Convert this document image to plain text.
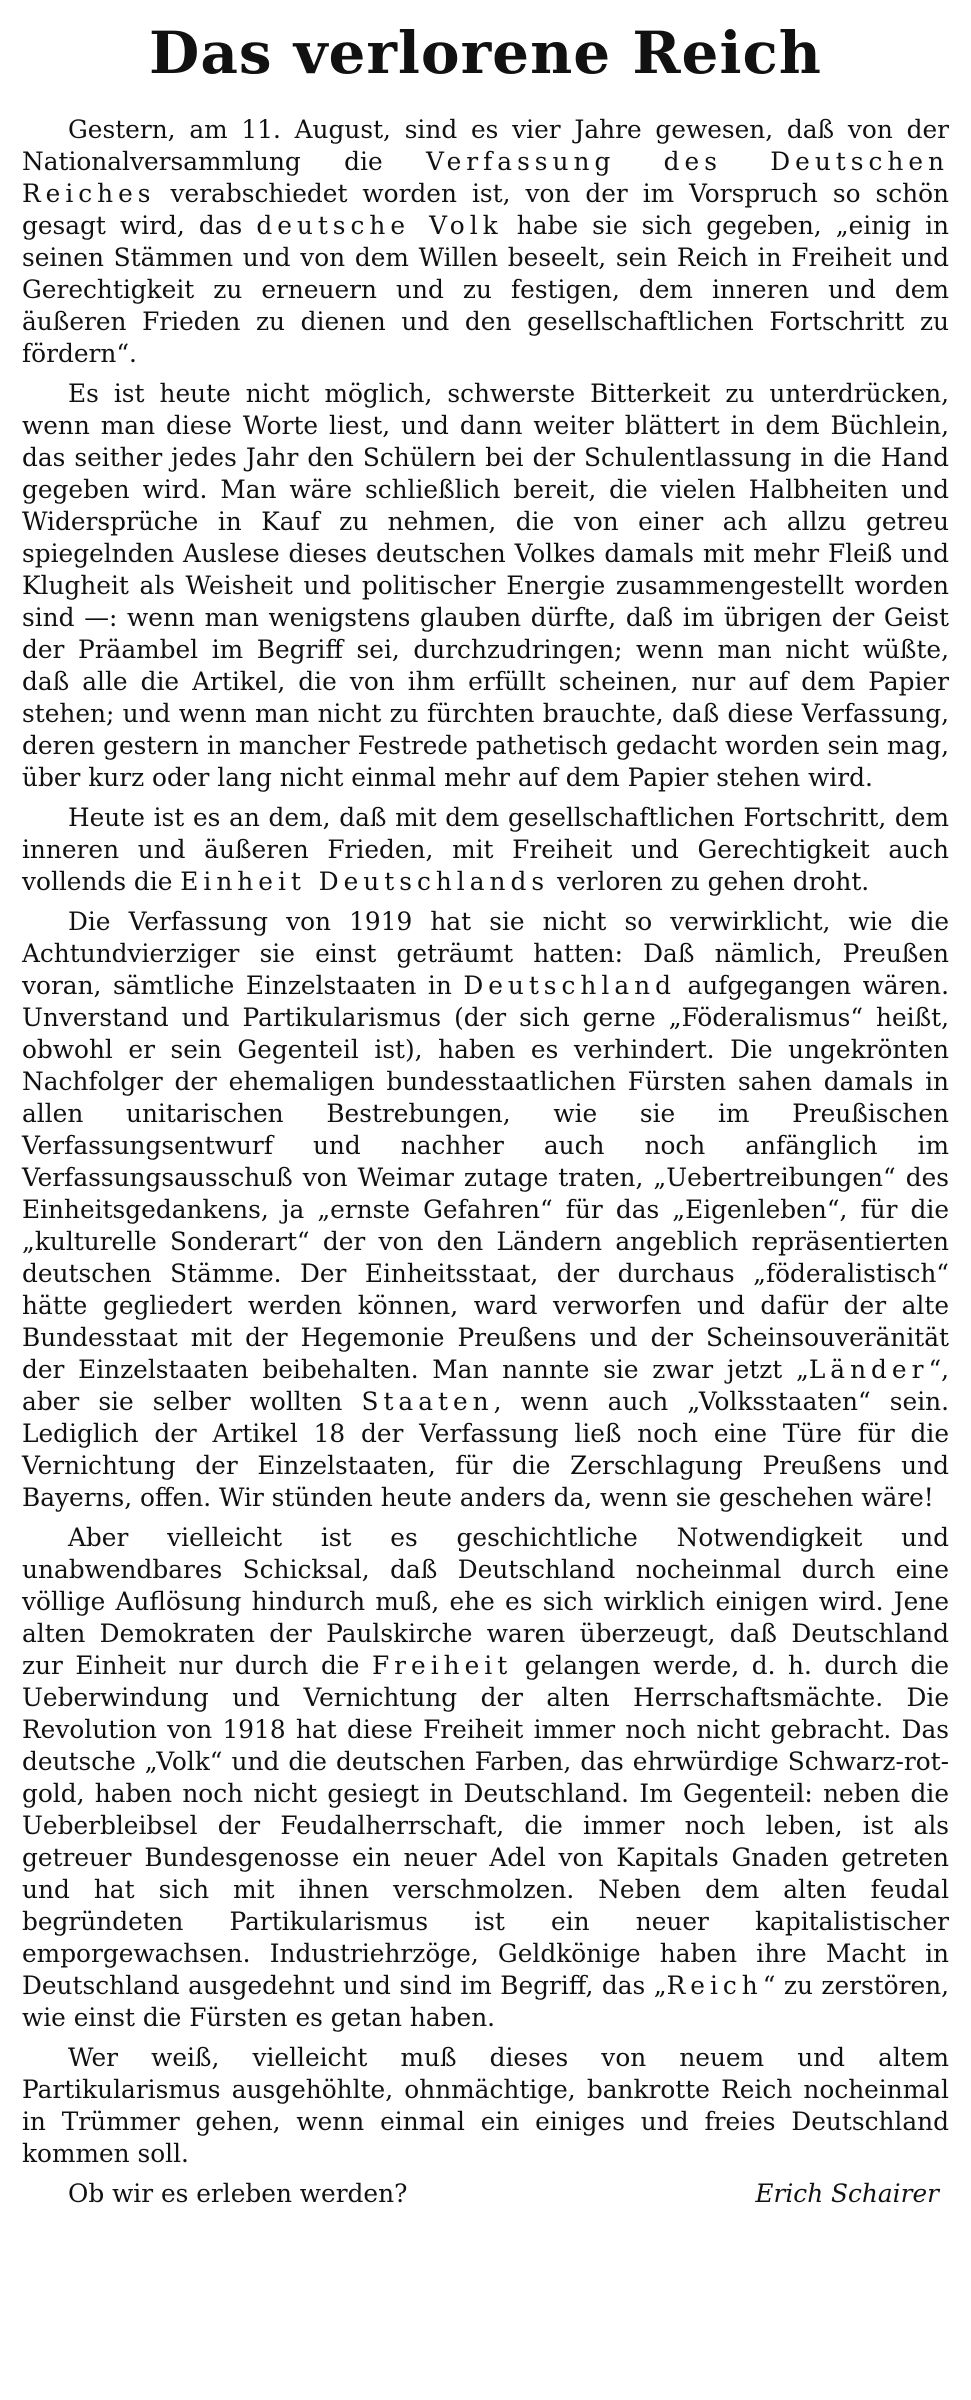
Das verlorene Reich

Gestern, am 11. August, sind es vier Jahre gewesen, daß von der Nationalversammlung die Verfassung des Deutschen Reiches verabschiedet worden ist, von der im Vorspruch so schön gesagt wird, das deutsche Volk habe sie sich gegeben, „einig in seinen Stämmen und von dem Willen beseelt, sein Reich in Freiheit und Gerechtigkeit zu erneuern und zu festigen, dem inneren und dem äußeren Frieden zu dienen und den gesellschaftlichen Fortschritt zu fördern“.

Es ist heute nicht möglich, schwerste Bitterkeit zu unterdrücken, wenn man diese Worte liest, und dann weiter blättert in dem Büchlein, das seither jedes Jahr den Schülern bei der Schulentlassung in die Hand gegeben wird. Man wäre schließlich bereit, die vielen Halbheiten und Widersprüche in Kauf zu nehmen, die von einer ach allzu getreu spiegelnden Auslese dieses deutschen Volkes damals mit mehr Fleiß und Klugheit als Weisheit und politischer Energie zusammengestellt worden sind —: wenn man wenigstens glauben dürfte, daß im übrigen der Geist der Präambel im Begriff sei, durchzudringen; wenn man nicht wüßte, daß alle die Artikel, die von ihm erfüllt scheinen, nur auf dem Papier stehen; und wenn man nicht zu fürchten brauchte, daß diese Verfassung, deren gestern in mancher Festrede pathetisch gedacht worden sein mag, über kurz oder lang nicht einmal mehr auf dem Papier stehen wird.

Heute ist es an dem, daß mit dem gesellschaftlichen Fortschritt, dem inneren und äußeren Frieden, mit Freiheit und Gerechtigkeit auch vollends die Einheit Deutschlands verloren zu gehen droht.

Die Verfassung von 1919 hat sie nicht so verwirklicht, wie die Achtundvierziger sie einst geträumt hatten: Daß nämlich, Preußen voran, sämtliche Einzelstaaten in Deutschland aufgegangen wären. Unverstand und Partikularismus (der sich gerne „Föderalismus“ heißt, obwohl er sein Gegenteil ist), haben es verhindert. Die ungekrönten Nachfolger der ehemaligen bundesstaatlichen Fürsten sahen damals in allen unitarischen Bestrebungen, wie sie im Preußischen Verfassungsentwurf und nachher auch noch anfänglich im Verfassungsausschuß von Weimar zutage traten, „Uebertreibungen“ des Einheitsgedankens, ja „ernste Gefahren“ für das „Eigenleben“, für die „kulturelle Sonderart“ der von den Ländern angeblich repräsentierten deutschen Stämme. Der Einheitsstaat, der durchaus „föderalistisch“ hätte gegliedert werden können, ward verworfen und dafür der alte Bundesstaat mit der Hegemonie Preußens und der Scheinsouveränität der Einzelstaaten beibehalten. Man nannte sie zwar jetzt „Länder“, aber sie selber wollten Staaten, wenn auch „Volksstaaten“ sein. Lediglich der Artikel 18 der Verfassung ließ noch eine Türe für die Vernichtung der Einzelstaaten, für die Zerschlagung Preußens und Bayerns, offen. Wir stünden heute anders da, wenn sie geschehen wäre!

Aber vielleicht ist es geschichtliche Notwendigkeit und unabwendbares Schicksal, daß Deutschland nocheinmal durch eine völlige Auflösung hindurch muß, ehe es sich wirklich einigen wird. Jene alten Demokraten der Paulskirche waren überzeugt, daß Deutschland zur Einheit nur durch die Freiheit gelangen werde, d. h. durch die Ueberwindung und Vernichtung der alten Herrschaftsmächte. Die Revolution von 1918 hat diese Freiheit immer noch nicht gebracht. Das deutsche „Volk“ und die deutschen Farben, das ehrwürdige Schwarz-rot-gold, haben noch nicht gesiegt in Deutschland. Im Gegenteil: neben die Ueberbleibsel der Feudalherrschaft, die immer noch leben, ist als getreuer Bundesgenosse ein neuer Adel von Kapitals Gnaden getreten und hat sich mit ihnen verschmolzen. Neben dem alten feudal begründeten Partikularismus ist ein neuer kapitalistischer emporgewachsen. Industriehrzöge, Geldkönige haben ihre Macht in Deutschland ausgedehnt und sind im Begriff, das „Reich“ zu zerstören, wie einst die Fürsten es getan haben.

Wer weiß, vielleicht muß dieses von neuem und altem Partikularismus ausgehöhlte, ohnmächtige, bankrotte Reich nocheinmal in Trümmer gehen, wenn einmal ein einiges und freies Deutschland kommen soll.

Ob wir es erleben werden?	Erich Schairer
